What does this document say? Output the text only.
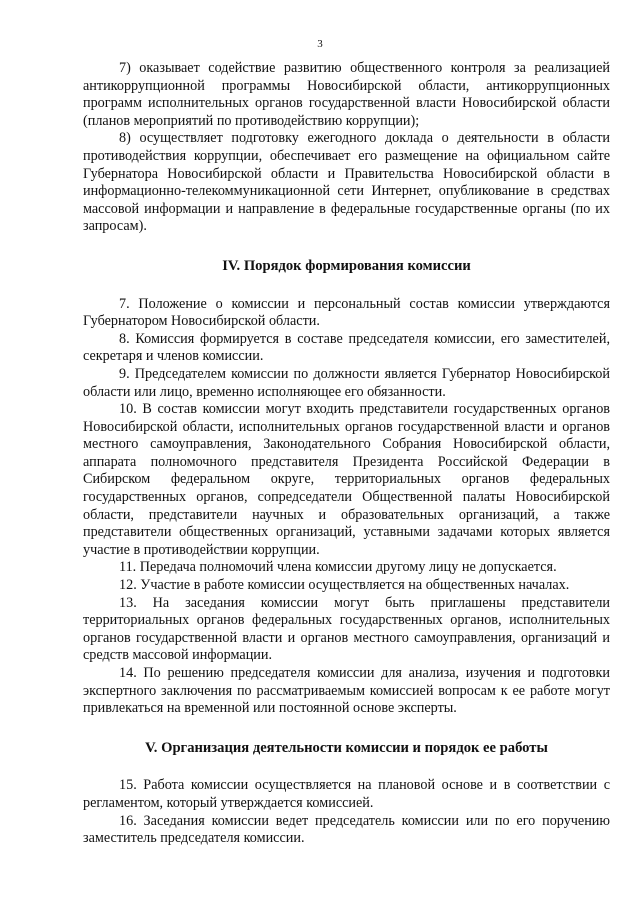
3

7) оказывает содействие развитию общественного контроля за реализацией антикоррупционной программы Новосибирской области, антикоррупционных программ исполнительных органов государственной власти Новосибирской области (планов мероприятий по противодействию коррупции);

8) осуществляет подготовку ежегодного доклада о деятельности в области противодействия коррупции, обеспечивает его размещение на официальном сайте Губернатора Новосибирской области и Правительства Новосибирской области в информационно-телекоммуникационной сети Интернет, опубликование в средствах массовой информации и направление в федеральные государственные органы (по их запросам).

IV. Порядок формирования комиссии

7. Положение о комиссии и персональный состав комиссии утверждаются Губернатором Новосибирской области.

8. Комиссия формируется в составе председателя комиссии, его заместителей, секретаря и членов комиссии.

9. Председателем комиссии по должности является Губернатор Новосибирской области или лицо, временно исполняющее его обязанности.

10. В состав комиссии могут входить представители государственных органов Новосибирской области, исполнительных органов государственной власти и органов местного самоуправления, Законодательного Собрания Новосибирской области, аппарата полномочного представителя Президента Российской Федерации в Сибирском федеральном округе, территориальных органов федеральных государственных органов, сопредседатели Общественной палаты Новосибирской области, представители научных и образовательных организаций, а также представители общественных организаций, уставными задачами которых является участие в противодействии коррупции.

11. Передача полномочий члена комиссии другому лицу не допускается.

12. Участие в работе комиссии осуществляется на общественных началах.

13. На заседания комиссии могут быть приглашены представители территориальных органов федеральных государственных органов, исполнительных органов государственной власти и органов местного самоуправления, организаций и средств массовой информации.

14. По решению председателя комиссии для анализа, изучения и подготовки экспертного заключения по рассматриваемым комиссией вопросам к ее работе могут привлекаться на временной или постоянной основе эксперты.

V. Организация деятельности комиссии и порядок ее работы

15. Работа комиссии осуществляется на плановой основе и в соответствии с регламентом, который утверждается комиссией.

16. Заседания комиссии ведет председатель комиссии или по его поручению заместитель председателя комиссии.
